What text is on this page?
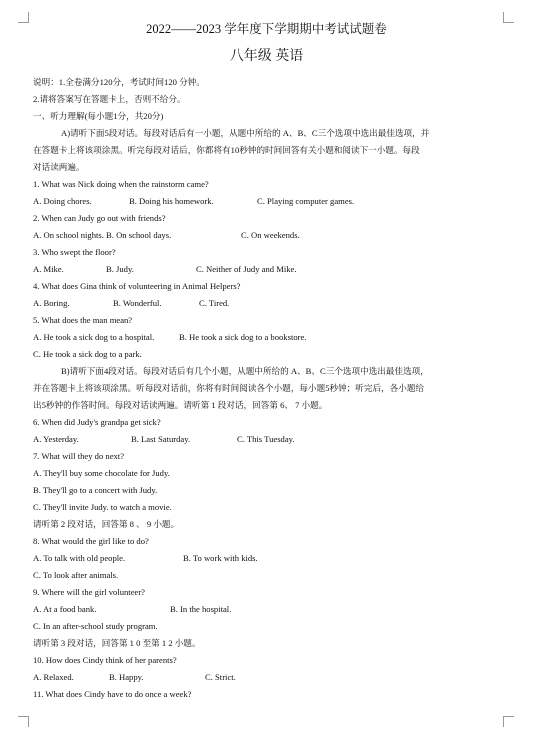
2022——2023 学年度下学期期中考试试题卷
八年级 英语
说明：1.全卷满分120分，考试时间120 分钟。
2.请将答案写在答题卡上，否则不给分。
一、听力理解(每小题1分，共20分)
A)请听下面5段对话。每段对话后有一小题，从题中所给的 A、B、C三个选项中选出最佳选项，并
在答题卡上将该项涂黑。听完每段对话后，你都将有10秒钟的时间回答有关小题和阅读下一小题。每段
对话读两遍。
1. What was Nick doing when the rainstorm came?
A. Doing chores.	B. Doing his homework.	C. Playing computer games.
2. When can Judy go out with friends?
A. On school nights. B. On school days.	C. On weekends.
3. Who swept the floor?
A. Mike.	B. Judy.	C. Neither of Judy and Mike.
4. What does Gina think of volunteering in Animal Helpers?
A. Boring.	B. Wonderful.	C. Tired.
5. What does the man mean?
A. He took a sick dog to a hospital.	B. He took a sick dog to a bookstore.
C. He took a sick dog to a park.
B)请听下面4段对话。每段对话后有几个小题，从题中所给的 A、B、C三个选项中选出最佳选项，
并在答题卡上将该项涂黑。听每段对话前，你将有时间阅读各个小题，每小题5秒钟；听完后，各小题给
出5秒钟的作答时间。每段对话读两遍。请听第 1 段对话，回答第 6、 7 小题。
6. When did Judy's grandpa get sick?
A. Yesterday.	B. Last Saturday.	C. This Tuesday.
7. What will they do next?
A. They'll buy some chocolate for Judy.
B. They'll go to a concert with Judy.
C. They'll invite Judy. to watch a movie.
请听第 2 段对话，回答第 8 、 9 小题。
8. What would the girl like to do?
A. To talk with old people.	B. To work with kids.
C. To look after animals.
9. Where will the girl volunteer?
A. At a food bank.	B. In the hospital.
C. In an after-school study program.
请听第 3 段对话，回答第 1 0 至第 1 2 小题。
10. How does Cindy think of her parents?
A. Relaxed.	B. Happy.	C. Strict.
11. What does Cindy have to do once a week?
